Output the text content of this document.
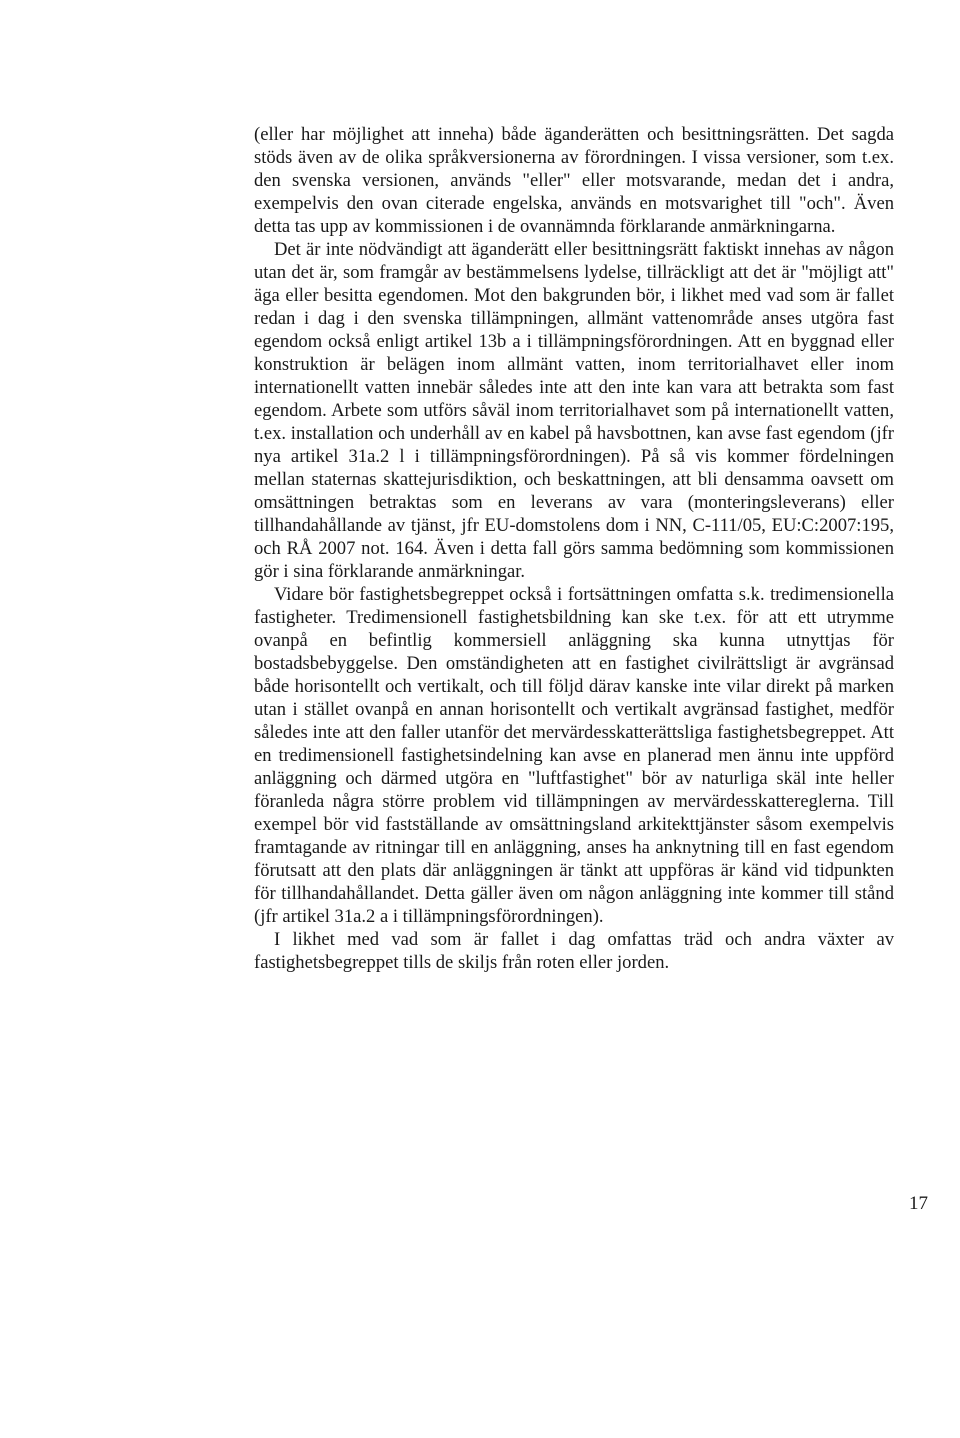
(eller har möjlighet att inneha) både äganderätten och besittningsrätten. Det sagda stöds även av de olika språkversionerna av förordningen. I vissa versioner, som t.ex. den svenska versionen, används "eller" eller motsvarande, medan det i andra, exempelvis den ovan citerade engelska, används en motsvarighet till "och". Även detta tas upp av kommissionen i de ovannämnda förklarande anmärkningarna.

Det är inte nödvändigt att äganderätt eller besittningsrätt faktiskt innehas av någon utan det är, som framgår av bestämmelsens lydelse, tillräckligt att det är "möjligt att" äga eller besitta egendomen. Mot den bakgrunden bör, i likhet med vad som är fallet redan i dag i den svenska tillämpningen, allmänt vattenområde anses utgöra fast egendom också enligt artikel 13b a i tillämpningsförordningen. Att en byggnad eller konstruktion är belägen inom allmänt vatten, inom territorialhavet eller inom internationellt vatten innebär således inte att den inte kan vara att betrakta som fast egendom. Arbete som utförs såväl inom territorialhavet som på internationellt vatten, t.ex. installation och underhåll av en kabel på havsbottnen, kan avse fast egendom (jfr nya artikel 31a.2 l i tillämpningsförordningen). På så vis kommer fördelningen mellan staternas skattejurisdiktion, och beskattningen, att bli densamma oavsett om omsättningen betraktas som en leverans av vara (monteringsleverans) eller tillhandahållande av tjänst, jfr EU-domstolens dom i NN, C-111/05, EU:C:2007:195, och RÅ 2007 not. 164. Även i detta fall görs samma bedömning som kommissionen gör i sina förklarande anmärkningar.

Vidare bör fastighetsbegreppet också i fortsättningen omfatta s.k. tredimensionella fastigheter. Tredimensionell fastighetsbildning kan ske t.ex. för att ett utrymme ovanpå en befintlig kommersiell anläggning ska kunna utnyttjas för bostadsbebyggelse. Den omständigheten att en fastighet civilrättsligt är avgränsad både horisontellt och vertikalt, och till följd därav kanske inte vilar direkt på marken utan i stället ovanpå en annan horisontellt och vertikalt avgränsad fastighet, medför således inte att den faller utanför det mervärdesskatterättsliga fastighetsbegreppet. Att en tredimensionell fastighetsindelning kan avse en planerad men ännu inte uppförd anläggning och därmed utgöra en "luftfastighet" bör av naturliga skäl inte heller föranleda några större problem vid tillämpningen av mervärdesskattereglerna. Till exempel bör vid fastställande av omsättningsland arkitekttjänster såsom exempelvis framtagande av ritningar till en anläggning, anses ha anknytning till en fast egendom förutsatt att den plats där anläggningen är tänkt att uppföras är känd vid tidpunkten för tillhandahållandet. Detta gäller även om någon anläggning inte kommer till stånd (jfr artikel 31a.2 a i tillämpningsförordningen).

I likhet med vad som är fallet i dag omfattas träd och andra växter av fastighetsbegreppet tills de skiljs från roten eller jorden.

17
